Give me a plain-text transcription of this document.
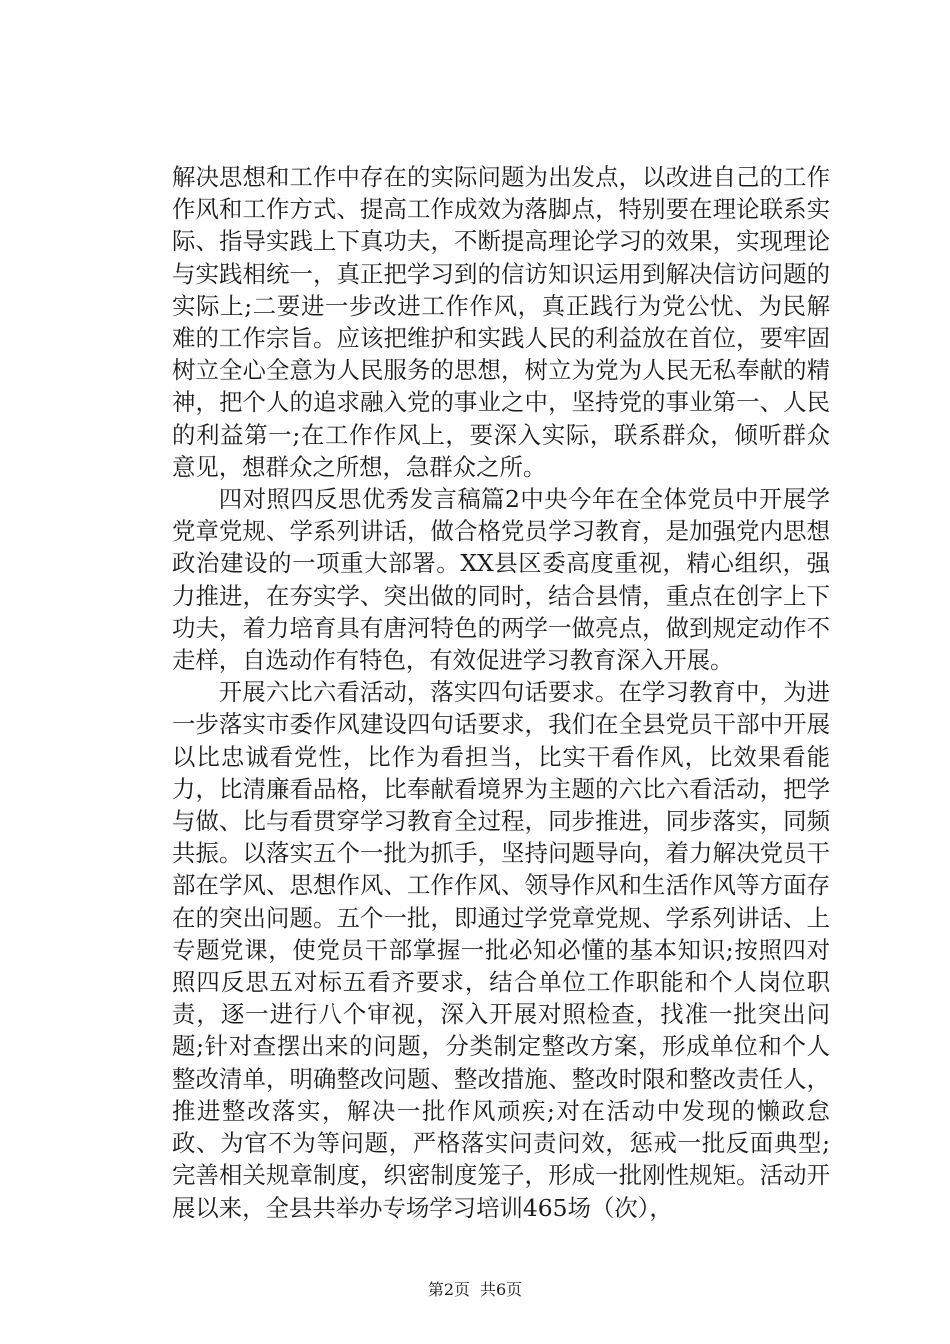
解决思想和工作中存在的实际问题为出发点，以改进自己的工作作风和工作方式、提高工作成效为落脚点，特别要在理论联系实际、指导实践上下真功夫，不断提高理论学习的效果，实现理论与实践相统一，真正把学习到的信访知识运用到解决信访问题的实际上;二要进一步改进工作作风，真正践行为党公忧、为民解难的工作宗旨。应该把维护和实践人民的利益放在首位，要牢固树立全心全意为人民服务的思想，树立为党为人民无私奉献的精神，把个人的追求融入党的事业之中，坚持党的事业第一、人民的利益第一;在工作作风上，要深入实际，联系群众，倾听群众意见，想群众之所想，急群众之所。

四对照四反思优秀发言稿篇2中央今年在全体党员中开展学党章党规、学系列讲话，做合格党员学习教育，是加强党内思想政治建设的一项重大部署。XX县区委高度重视，精心组织，强力推进，在夯实学、突出做的同时，结合县情，重点在创字上下功夫，着力培育具有唐河特色的两学一做亮点，做到规定动作不走样，自选动作有特色，有效促进学习教育深入开展。

开展六比六看活动，落实四句话要求。在学习教育中，为进一步落实市委作风建设四句话要求，我们在全县党员干部中开展以比忠诚看党性，比作为看担当，比实干看作风，比效果看能力，比清廉看品格，比奉献看境界为主题的六比六看活动，把学与做、比与看贯穿学习教育全过程，同步推进，同步落实，同频共振。以落实五个一批为抓手，坚持问题导向，着力解决党员干部在学风、思想作风、工作作风、领导作风和生活作风等方面存在的突出问题。五个一批，即通过学党章党规、学系列讲话、上专题党课，使党员干部掌握一批必知必懂的基本知识;按照四对照四反思五对标五看齐要求，结合单位工作职能和个人岗位职责，逐一进行八个审视，深入开展对照检查，找准一批突出问题;针对查摆出来的问题，分类制定整改方案，形成单位和个人整改清单，明确整改问题、整改措施、整改时限和整改责任人，推进整改落实，解决一批作风顽疾;对在活动中发现的懒政怠政、为官不为等问题，严格落实问责问效，惩戒一批反面典型;完善相关规章制度，织密制度笼子，形成一批刚性规矩。活动开展以来，全县共举办专场学习培训465场（次），

第2页 共6页
